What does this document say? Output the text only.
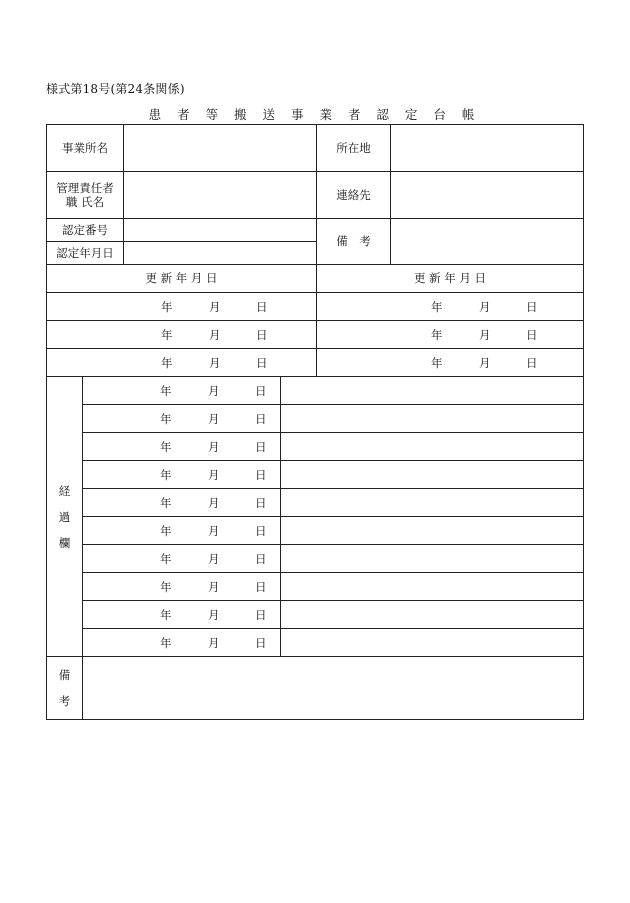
様式第18号(第24条関係)
患 者 等 搬 送 事 業 者 認 定 台 帳
事業所名				所在地	

管理責任者
職 氏名				連絡先	
認定番号				備　考	
認定年月日					
更 新 年 月 日				更 新 年 月 日	

年 月 日				年 月 日	

年 月 日				年 月 日	

年 月 日				年 月 日	

経過欄	年 月 日				

	年 月 日				

	年 月 日				

	年 月 日				

	年 月 日				

	年 月 日				

	年 月 日				

	年 月 日				

	年 月 日				

	年 月 日				

備考					
